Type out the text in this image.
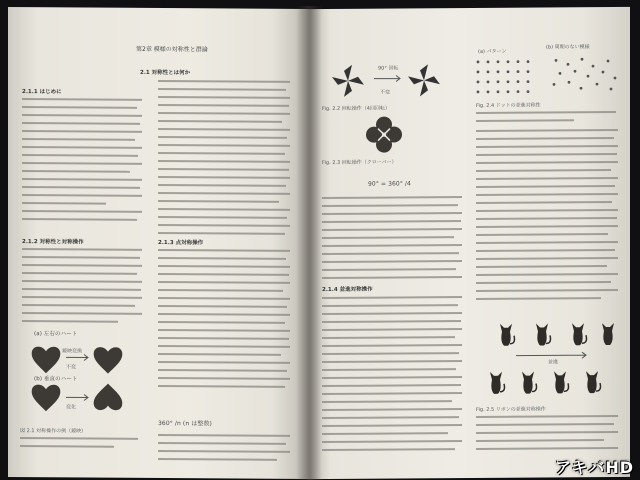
第2章 模様の対称性と群論
2.1 対称性とは何か
2.1.1 はじめに
2.1.2 対称性と対称操作	2.1.3 点対称操作
360° /n (n は整数)
(a) 左右のハート
鏡映変換
不変
(b) 垂直のハート
変化
図 2.1 対称操作の例（鏡映）
90° 回転
不変
Fig. 2.2 回転操作（4回回転）
Fig. 2.3 回転操作（クローバー）
90° = 360° /4
2.1.4 並進対称操作
(a) パターン
(b) 周期のない模様
Fig. 2.4 ドットの並進対称性
並進
Fig. 2.5 リボンの並進対称操作
アキバHD
